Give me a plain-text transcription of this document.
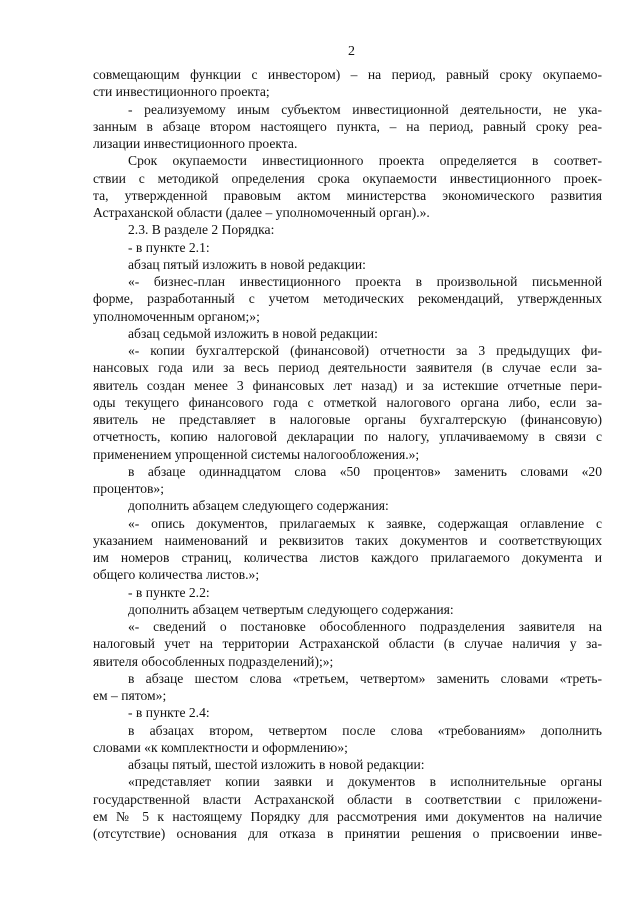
2
совмещающим функции с инвестором) – на период, равный сроку окупаемо-
сти инвестиционного проекта;
- реализуемому иным субъектом инвестиционной деятельности, не ука-
занным в абзаце втором настоящего пункта, – на период, равный сроку реа-
лизации инвестиционного проекта.
Срок окупаемости инвестиционного проекта определяется в соответ-
ствии с методикой определения срока окупаемости инвестиционного проек-
та, утвержденной правовым актом министерства экономического развития
Астраханской области (далее – уполномоченный орган).».
2.3. В разделе 2 Порядка:
- в пункте 2.1:
абзац пятый изложить в новой редакции:
«- бизнес-план инвестиционного проекта в произвольной письменной
форме, разработанный с учетом методических рекомендаций, утвержденных
уполномоченным органом;»;
абзац седьмой изложить в новой редакции:
«- копии бухгалтерской (финансовой) отчетности за 3 предыдущих фи-
нансовых года или за весь период деятельности заявителя (в случае если за-
явитель создан менее 3 финансовых лет назад) и за истекшие отчетные пери-
оды текущего финансового года с отметкой налогового органа либо, если за-
явитель не представляет в налоговые органы бухгалтерскую (финансовую)
отчетность, копию налоговой декларации по налогу, уплачиваемому в связи с
применением упрощенной системы налогообложения.»;
в абзаце одиннадцатом слова «50 процентов» заменить словами «20
процентов»;
дополнить абзацем следующего содержания:
«- опись документов, прилагаемых к заявке, содержащая оглавление с
указанием наименований и реквизитов таких документов и соответствующих
им номеров страниц, количества листов каждого прилагаемого документа и
общего количества листов.»;
- в пункте 2.2:
дополнить абзацем четвертым следующего содержания:
«- сведений о постановке обособленного подразделения заявителя на
налоговый учет на территории Астраханской области (в случае наличия у за-
явителя обособленных подразделений);»;
в абзаце шестом слова «третьем, четвертом» заменить словами «треть-
ем – пятом»;
- в пункте 2.4:
в абзацах втором, четвертом после слова «требованиям» дополнить
словами «к комплектности и оформлению»;
абзацы пятый, шестой изложить в новой редакции:
«представляет копии заявки и документов в исполнительные органы
государственной власти Астраханской области в соответствии с приложени-
ем № 5 к настоящему Порядку для рассмотрения ими документов на наличие
(отсутствие) основания для отказа в принятии решения о присвоении инве-
